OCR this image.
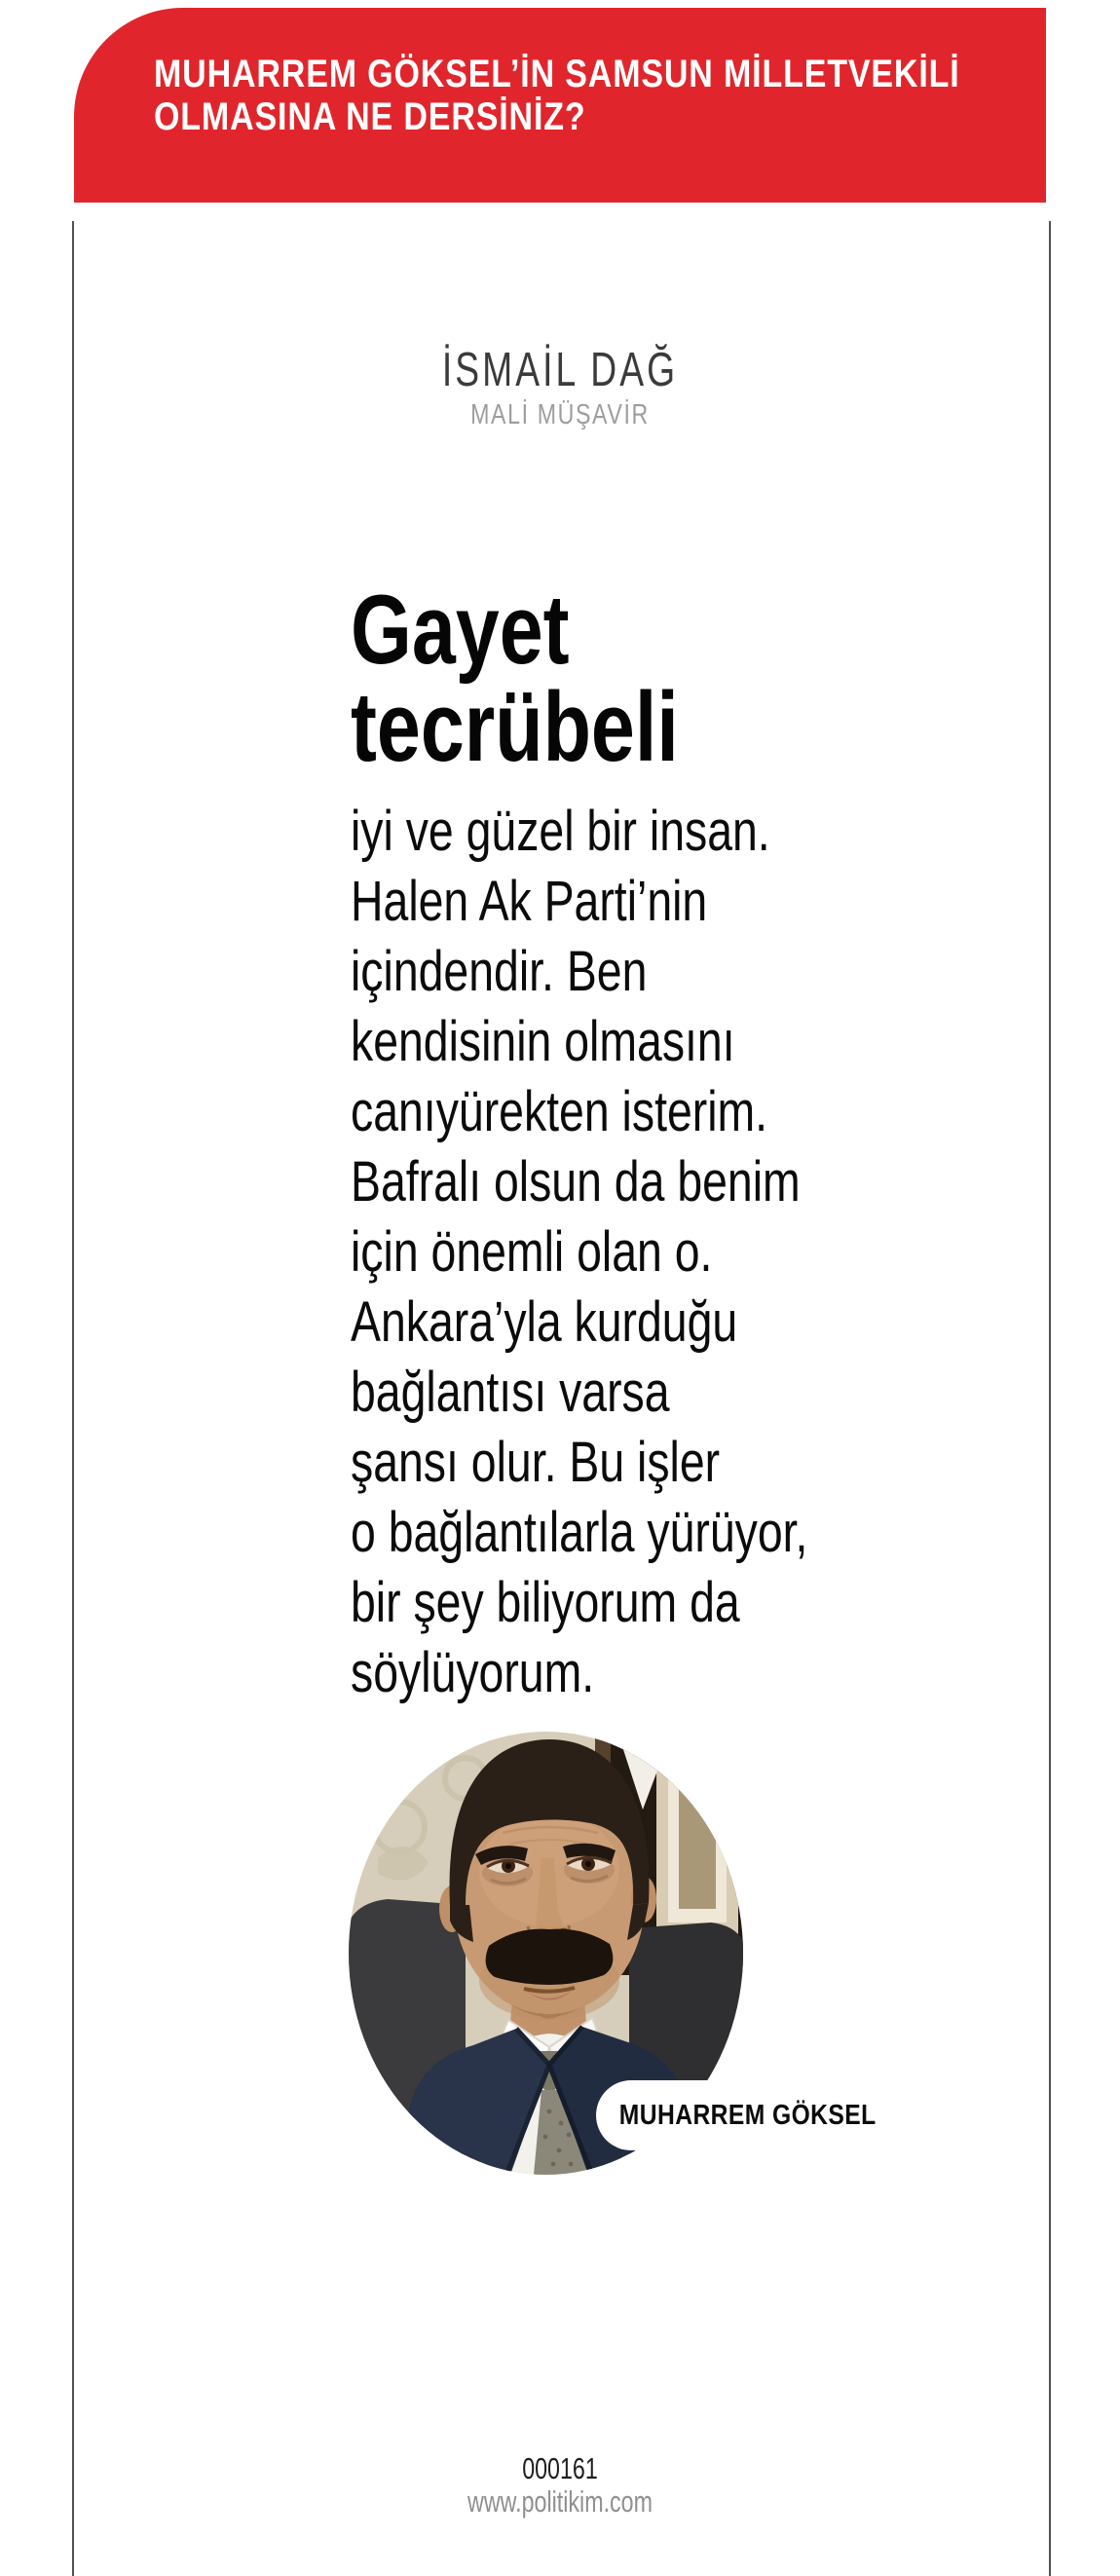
MUHARREM GÖKSEL’İN SAMSUN MİLLETVEKİLİ
OLMASINA NE DERSİNİZ?
İSMAİL DAĞ
MALİ MÜŞAVİR
Gayet
tecrübeli
iyi ve güzel bir insan.
Halen Ak Parti’nin
içindendir. Ben
kendisinin olmasını
canıyürekten isterim.
Bafralı olsun da benim
için önemli olan o.
Ankara’yla kurduğu
bağlantısı varsa
şansı olur. Bu işler
o bağlantılarla yürüyor,
bir şey biliyorum da
söylüyorum.
MUHARREM GÖKSEL
000161
www.politikim.com
